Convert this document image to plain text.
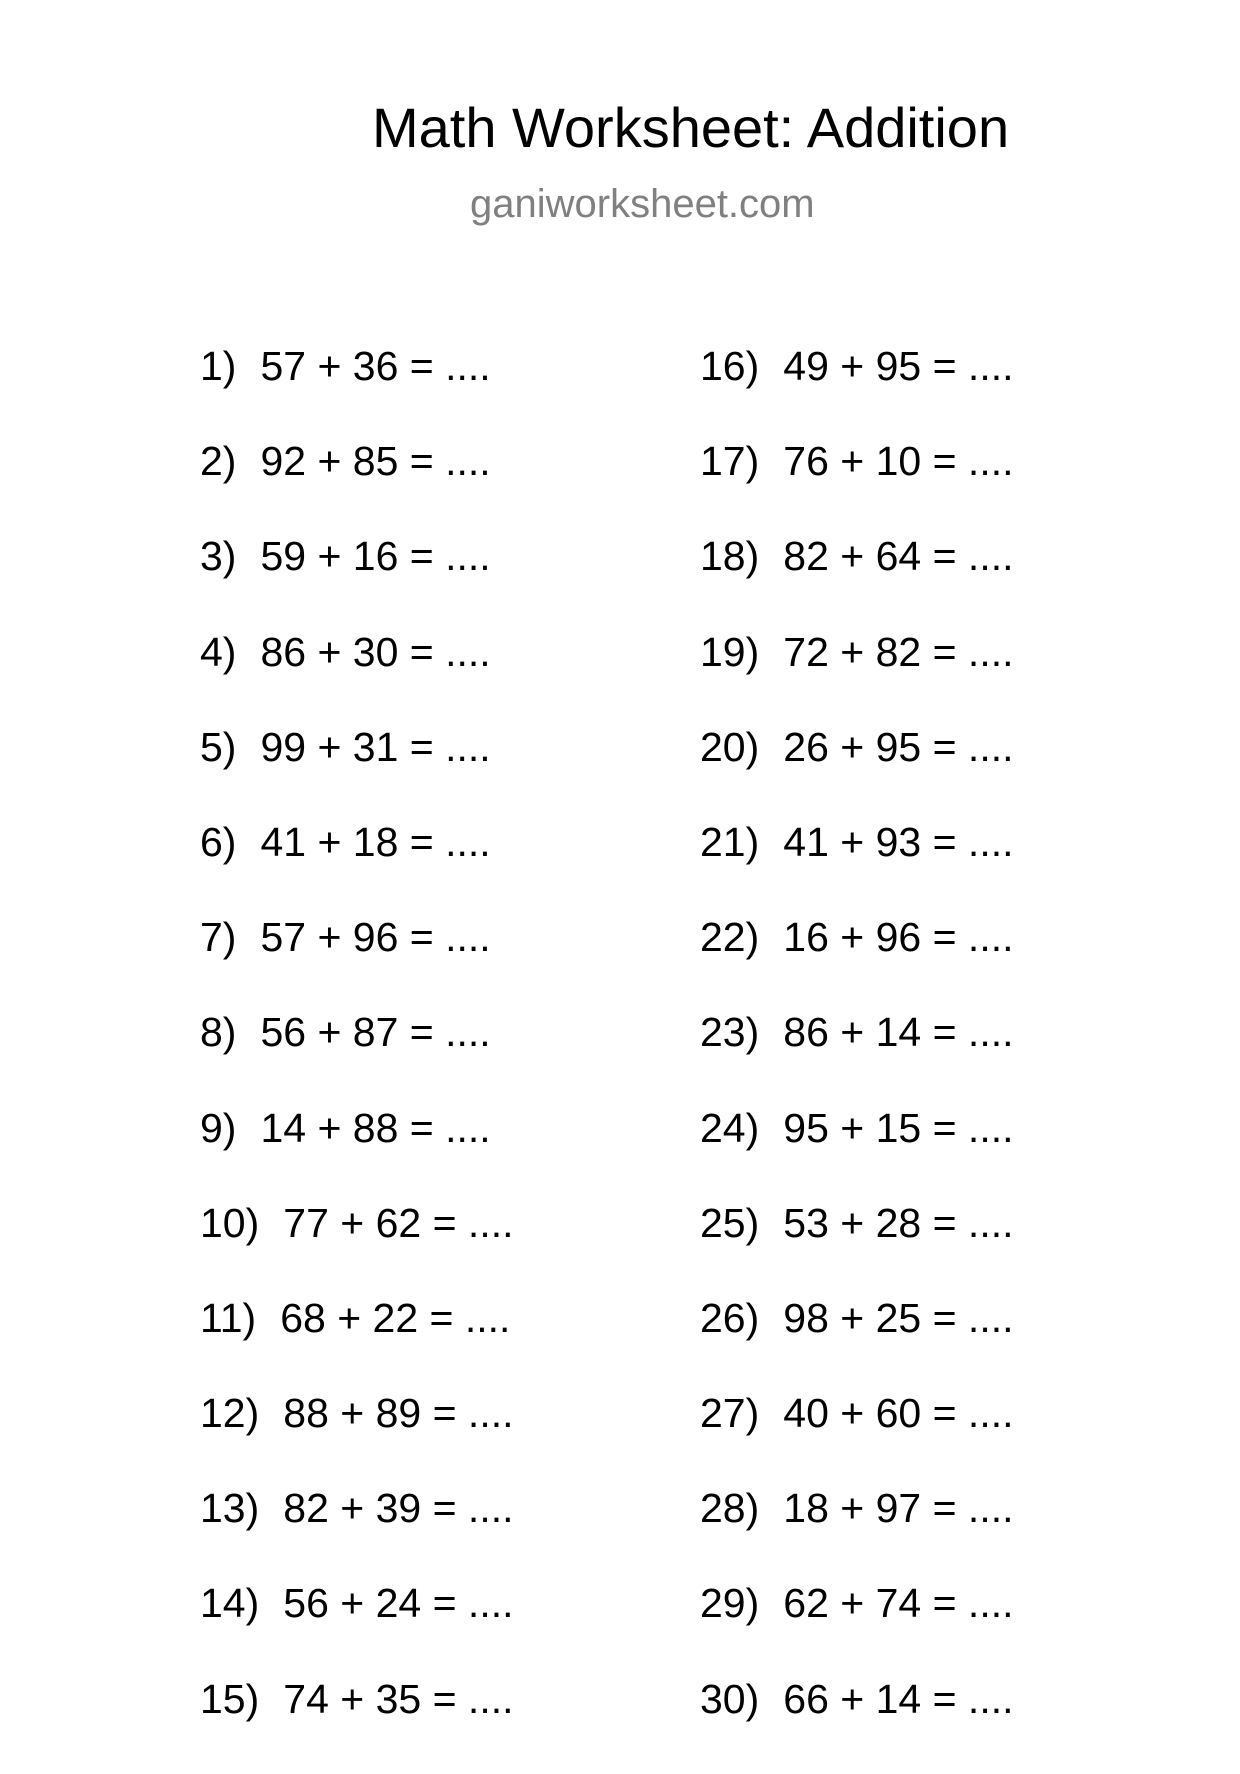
Math Worksheet: Addition
ganiworksheet.com
1) 57 + 36 = ....
2) 92 + 85 = ....
3) 59 + 16 = ....
4) 86 + 30 = ....
5) 99 + 31 = ....
6) 41 + 18 = ....
7) 57 + 96 = ....
8) 56 + 87 = ....
9) 14 + 88 = ....
10) 77 + 62 = ....
11) 68 + 22 = ....
12) 88 + 89 = ....
13) 82 + 39 = ....
14) 56 + 24 = ....
15) 74 + 35 = ....
16) 49 + 95 = ....
17) 76 + 10 = ....
18) 82 + 64 = ....
19) 72 + 82 = ....
20) 26 + 95 = ....
21) 41 + 93 = ....
22) 16 + 96 = ....
23) 86 + 14 = ....
24) 95 + 15 = ....
25) 53 + 28 = ....
26) 98 + 25 = ....
27) 40 + 60 = ....
28) 18 + 97 = ....
29) 62 + 74 = ....
30) 66 + 14 = ....
